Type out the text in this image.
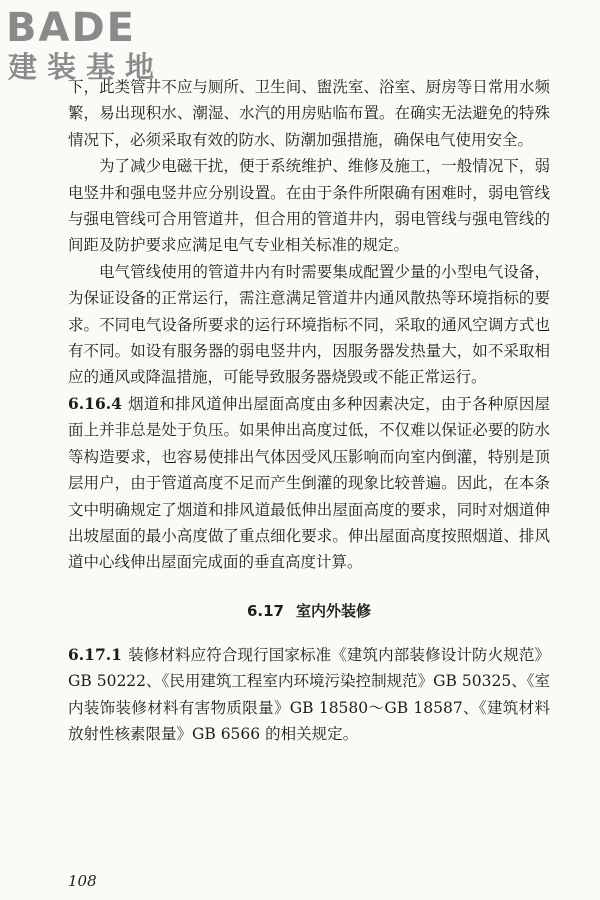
BADE
建装基地

下，此类管井不应与厕所、卫生间、盥洗室、浴室、厨房等日常用水频繁，易出现积水、潮湿、水汽的用房贴临布置。在确实无法避免的特殊情况下，必须采取有效的防水、防潮加强措施，确保电气使用安全。

为了减少电磁干扰，便于系统维护、维修及施工，一般情况下，弱电竖井和强电竖井应分别设置。在由于条件所限确有困难时，弱电管线与强电管线可合用管道井，但合用的管道井内，弱电管线与强电管线的间距及防护要求应满足电气专业相关标准的规定。

电气管线使用的管道井内有时需要集成配置少量的小型电气设备，为保证设备的正常运行，需注意满足管道井内通风散热等环境指标的要求。不同电气设备所要求的运行环境指标不同，采取的通风空调方式也有不同。如设有服务器的弱电竖井内，因服务器发热量大，如不采取相应的通风或降温措施，可能导致服务器烧毁或不能正常运行。

6.16.4 烟道和排风道伸出屋面高度由多种因素决定，由于各种原因屋面上并非总是处于负压。如果伸出高度过低，不仅难以保证必要的防水等构造要求，也容易使排出气体因受风压影响而向室内倒灌，特别是顶层用户，由于管道高度不足而产生倒灌的现象比较普遍。因此，在本条文中明确规定了烟道和排风道最低伸出屋面高度的要求，同时对烟道伸出坡屋面的最小高度做了重点细化要求。伸出屋面高度按照烟道、排风道中心线伸出屋面完成面的垂直高度计算。

6.17 室内外装修

6.17.1 装修材料应符合现行国家标准《建筑内部装修设计防火规范》GB 50222、《民用建筑工程室内环境污染控制规范》GB 50325、《室内装饰装修材料有害物质限量》GB 18580～GB 18587、《建筑材料放射性核素限量》GB 6566 的相关规定。

108
